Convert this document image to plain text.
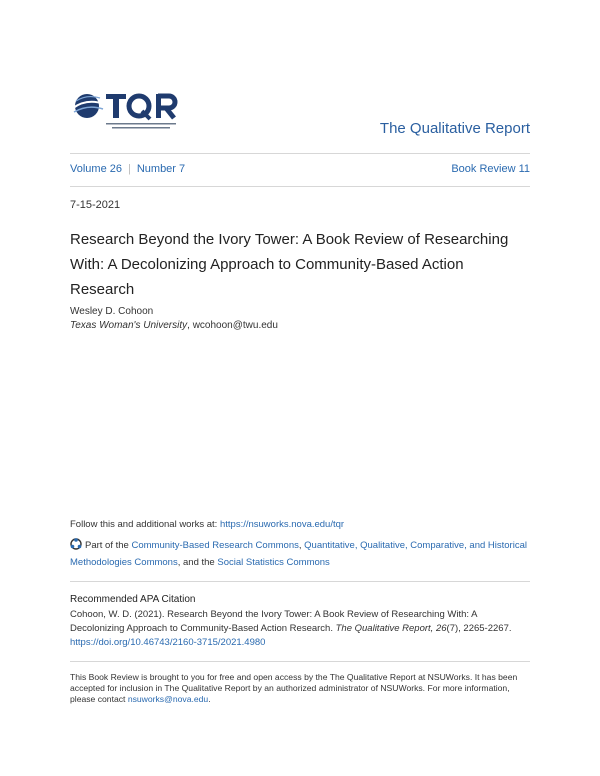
The Qualitative Report
Volume 26 | Number 7	Book Review 11
7-15-2021
Research Beyond the Ivory Tower: A Book Review of Researching With: A Decolonizing Approach to Community-Based Action Research
Wesley D. Cohoon
Texas Woman's University, wcohoon@twu.edu
Follow this and additional works at: https://nsuworks.nova.edu/tqr
Part of the Community-Based Research Commons, Quantitative, Qualitative, Comparative, and Historical Methodologies Commons, and the Social Statistics Commons
Recommended APA Citation
Cohoon, W. D. (2021). Research Beyond the Ivory Tower: A Book Review of Researching With: A Decolonizing Approach to Community-Based Action Research. The Qualitative Report, 26(7), 2265-2267.
https://doi.org/10.46743/2160-3715/2021.4980
This Book Review is brought to you for free and open access by the The Qualitative Report at NSUWorks. It has been accepted for inclusion in The Qualitative Report by an authorized administrator of NSUWorks. For more information, please contact nsuworks@nova.edu.
